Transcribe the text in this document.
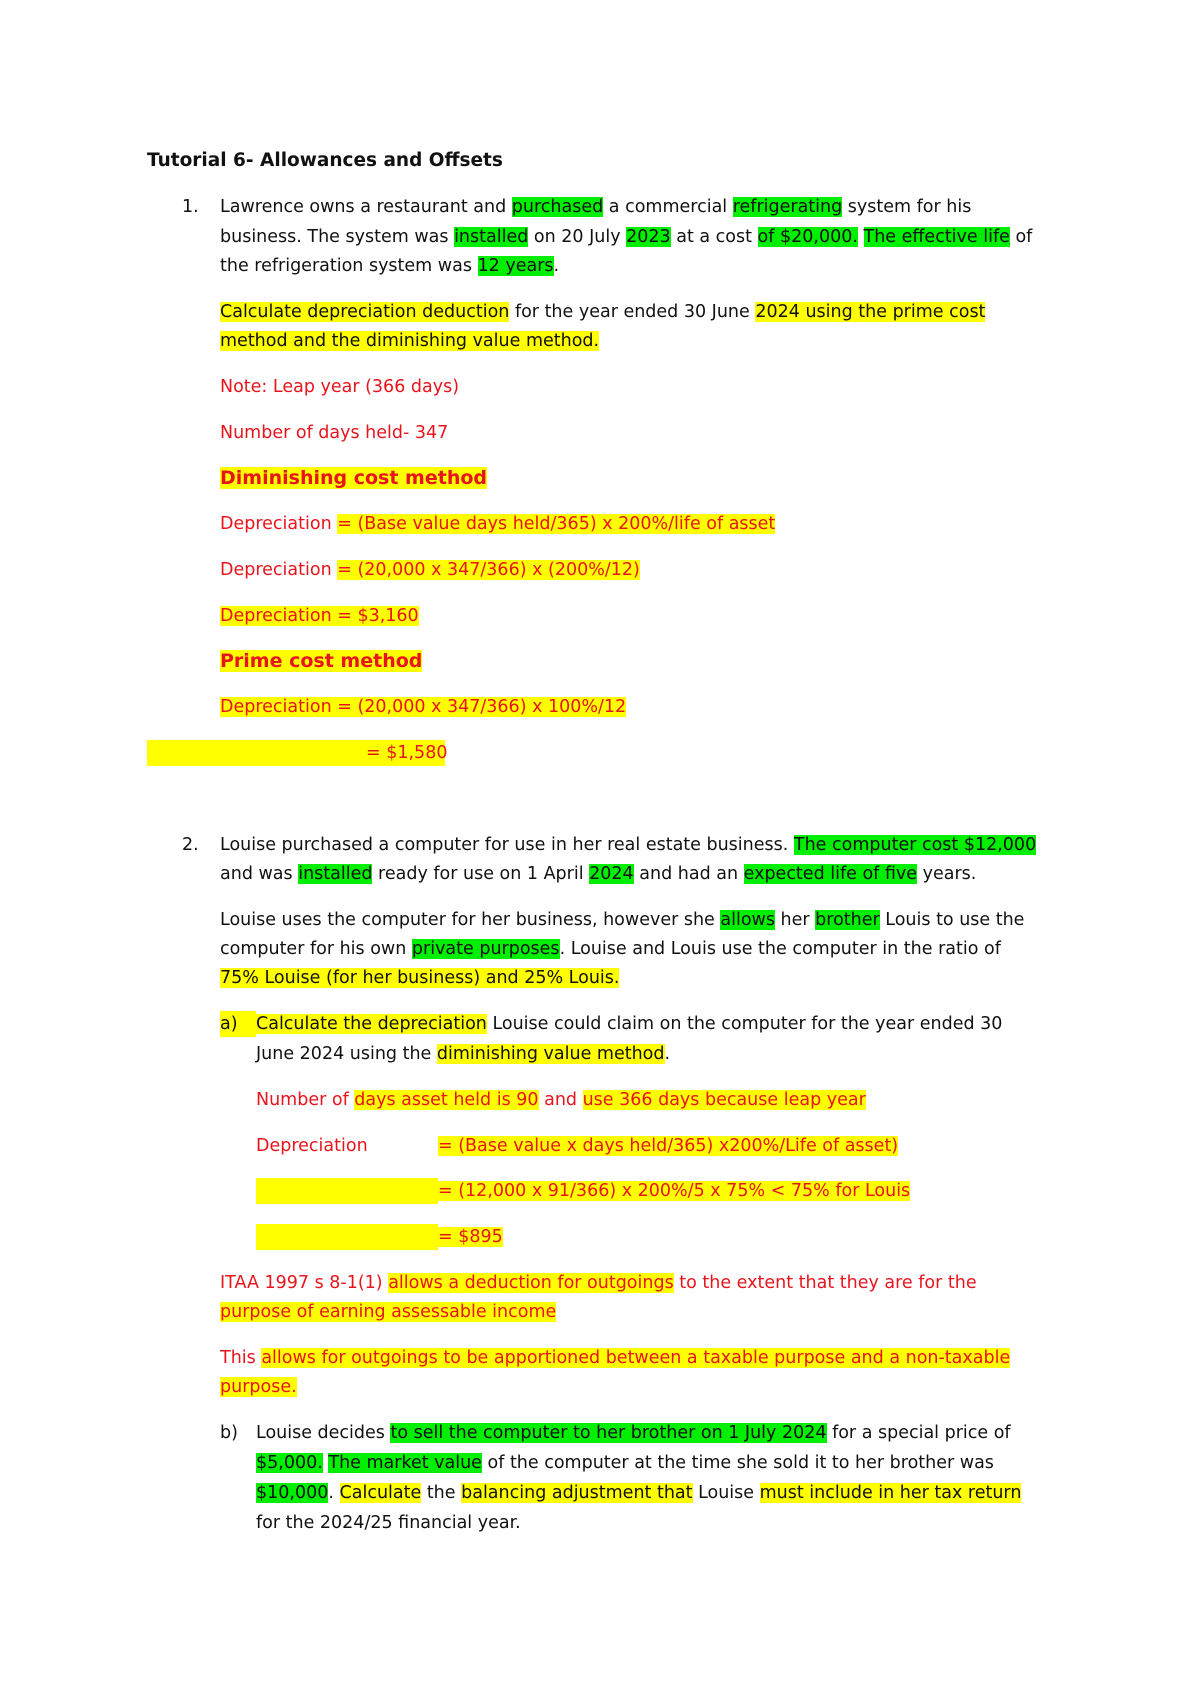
Tutorial 6- Allowances and Offsets
1. Lawrence owns a restaurant and purchased a commercial refrigerating system for his
business. The system was installed on 20 July 2023 at a cost of $20,000. The effective life of
the refrigeration system was 12 years.
Calculate depreciation deduction for the year ended 30 June 2024 using the prime cost
method and the diminishing value method.
Note: Leap year (366 days)
Number of days held- 347
Diminishing cost method
Depreciation = (Base value days held/365) x 200%/life of asset
Depreciation = (20,000 x 347/366) x (200%/12)
Depreciation = $3,160
Prime cost method
Depreciation = (20,000 x 347/366) x 100%/12
= $1,580
2. Louise purchased a computer for use in her real estate business. The computer cost $12,000
and was installed ready for use on 1 April 2024 and had an expected life of five years.
Louise uses the computer for her business, however she allows her brother Louis to use the
computer for his own private purposes. Louise and Louis use the computer in the ratio of
75% Louise (for her business) and 25% Louis.
a)	Calculate the depreciation Louise could claim on the computer for the year ended 30
June 2024 using the diminishing value method.
Number of days asset held is 90 and use 366 days because leap year
Depreciation	= (Base value x days held/365) x200%/Life of asset)
= (12,000 x 91/366) x 200%/5 x 75% < 75% for Louis
= $895
ITAA 1997 s 8-1(1) allows a deduction for outgoings to the extent that they are for the
purpose of earning assessable income
This allows for outgoings to be apportioned between a taxable purpose and a non-taxable
purpose.
b) Louise decides to sell the computer to her brother on 1 July 2024 for a special price of
$5,000. The market value of the computer at the time she sold it to her brother was
$10,000. Calculate the balancing adjustment that Louise must include in her tax return
for the 2024/25 financial year.
